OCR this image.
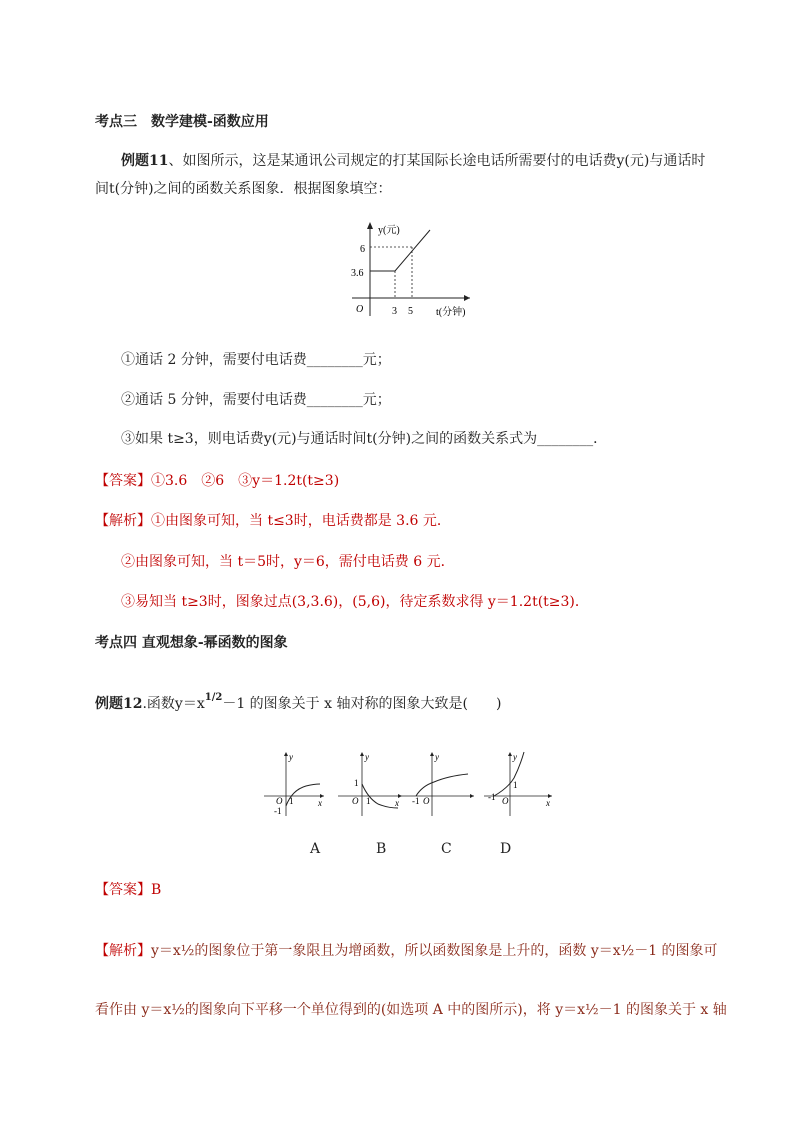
考点三　数学建模-函数应用
例题11、如图所示，这是某通讯公司规定的打某国际长途电话所需要付的电话费y(元)与通话时
间t(分钟)之间的函数关系图象．根据图象填空：
y(元)
t(分钟)
O
6
3.6
3 5
①通话 2 分钟，需要付电话费________元；
②通话 5 分钟，需要付电话费________元；
③如果 t≥3，则电话费y(元)与通话时间t(分钟)之间的函数关系式为________．
【答案】①3.6　②6　③y＝1.2t(t≥3)
【解析】①由图象可知，当 t≤3时，电话费都是 3.6 元．
②由图象可知，当 t＝5时，y＝6，需付电话费 6 元．
③易知当 t≥3时，图象过点(3,3.6)，(5,6)，待定系数求得 y＝1.2t(t≥3)．
考点四 直观想象-幂函数的图象
例题12.函数$y=x^{1/2}-1$ 的图象关于 x 轴对称的图象大致是(　　)
y
x
O 1
-1
y
x
O
1
1
y
-1 O
y
x
-1 O
1
A	B	C	D
【答案】B
【解析】y＝x½的图象位于第一象限且为增函数，所以函数图象是上升的，函数 y＝x½－1 的图象可
看作由 y＝x½的图象向下平移一个单位得到的(如选项 A 中的图所示)，将 y＝x½－1 的图象关于 x 轴
